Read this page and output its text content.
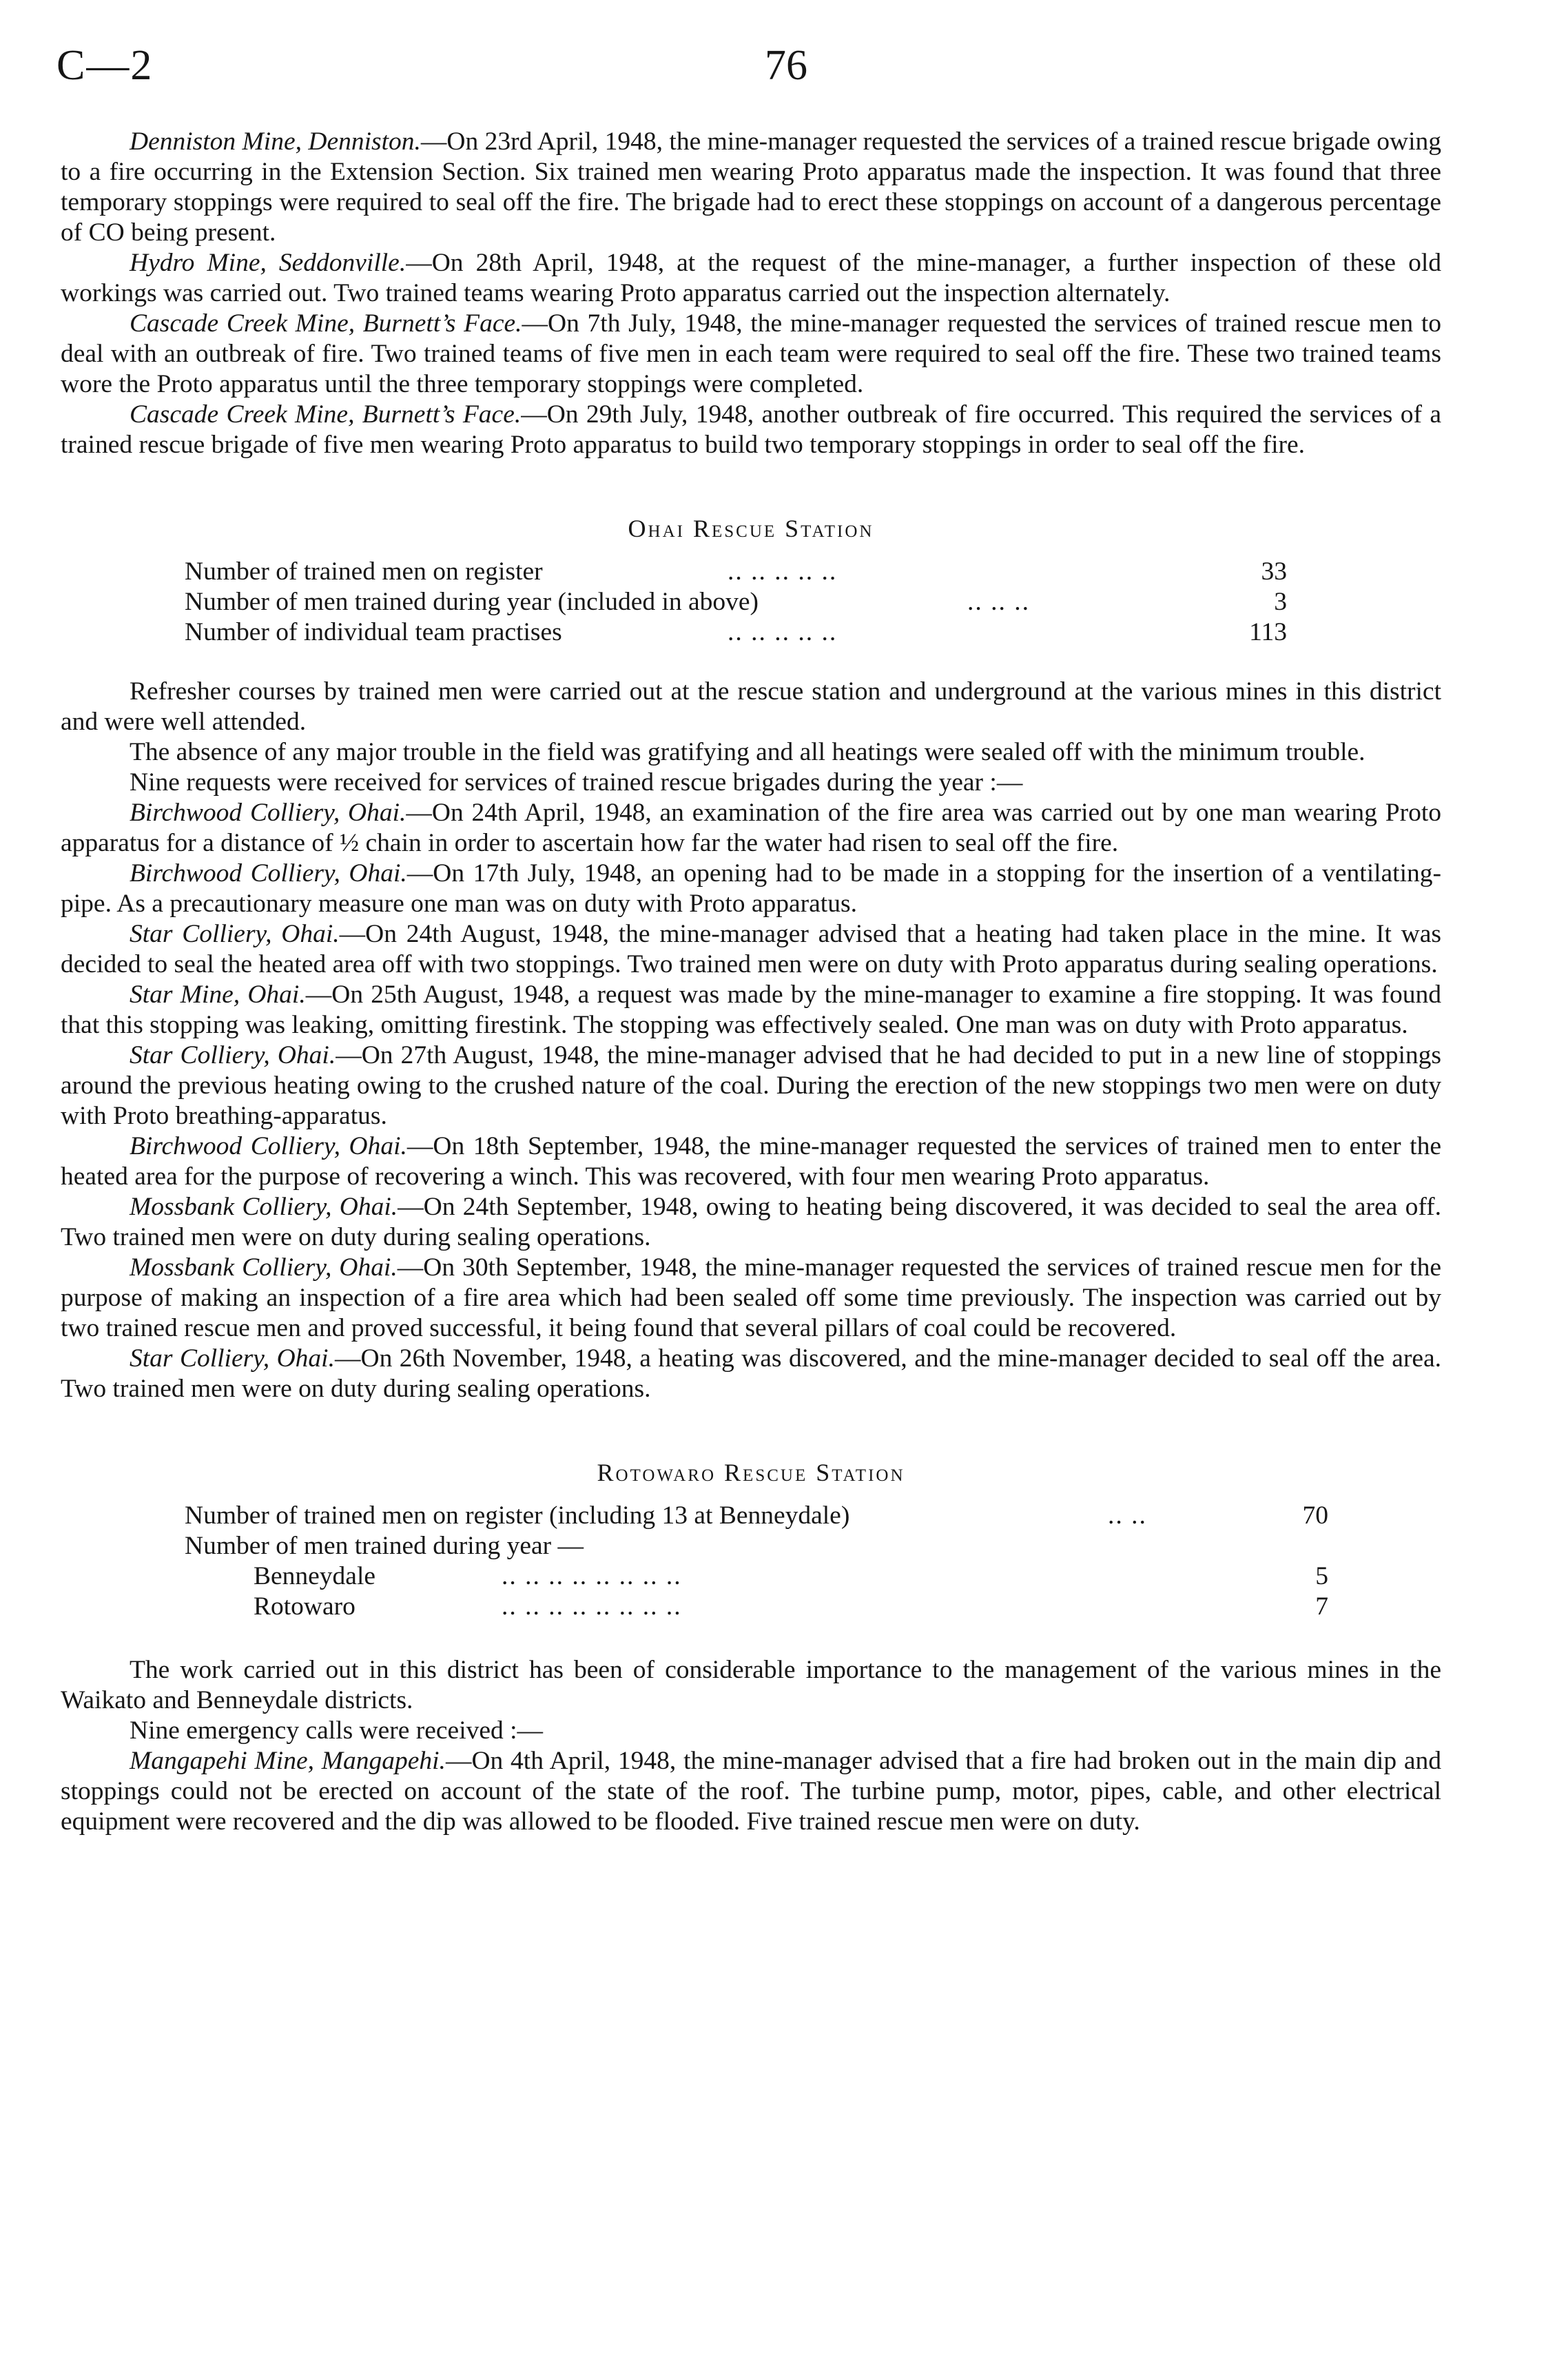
C—2	76

Denniston Mine, Denniston.—On 23rd April, 1948, the mine-manager requested the services of a trained rescue brigade owing to a fire occurring in the Extension Section. Six trained men wearing Proto apparatus made the inspection. It was found that three temporary stoppings were required to seal off the fire. The brigade had to erect these stoppings on account of a dangerous percentage of CO being present.

Hydro Mine, Seddonville.—On 28th April, 1948, at the request of the mine-manager, a further inspection of these old workings was carried out. Two trained teams wearing Proto apparatus carried out the inspection alternately.

Cascade Creek Mine, Burnett’s Face.—On 7th July, 1948, the mine-manager requested the services of trained rescue men to deal with an outbreak of fire. Two trained teams of five men in each team were required to seal off the fire. These two trained teams wore the Proto apparatus until the three temporary stoppings were completed.

Cascade Creek Mine, Burnett’s Face.—On 29th July, 1948, another outbreak of fire occurred. This required the services of a trained rescue brigade of five men wearing Proto apparatus to build two temporary stoppings in order to seal off the fire.

Ohai Rescue Station

Number of trained men on register	.. .. .. .. ..	33
Number of men trained during year (included in above)	.. .. ..	3
Number of individual team practises	.. .. .. .. ..	113

Refresher courses by trained men were carried out at the rescue station and underground at the various mines in this district and were well attended.

The absence of any major trouble in the field was gratifying and all heatings were sealed off with the minimum trouble.

Nine requests were received for services of trained rescue brigades during the year :—

Birchwood Colliery, Ohai.—On 24th April, 1948, an examination of the fire area was carried out by one man wearing Proto apparatus for a distance of ½ chain in order to ascertain how far the water had risen to seal off the fire.

Birchwood Colliery, Ohai.—On 17th July, 1948, an opening had to be made in a stopping for the insertion of a ventilating-pipe. As a precautionary measure one man was on duty with Proto apparatus.

Star Colliery, Ohai.—On 24th August, 1948, the mine-manager advised that a heating had taken place in the mine. It was decided to seal the heated area off with two stoppings. Two trained men were on duty with Proto apparatus during sealing operations.

Star Mine, Ohai.—On 25th August, 1948, a request was made by the mine-manager to examine a fire stopping. It was found that this stopping was leaking, omitting firestink. The stopping was effectively sealed. One man was on duty with Proto apparatus.

Star Colliery, Ohai.—On 27th August, 1948, the mine-manager advised that he had decided to put in a new line of stoppings around the previous heating owing to the crushed nature of the coal. During the erection of the new stoppings two men were on duty with Proto breathing-apparatus.

Birchwood Colliery, Ohai.—On 18th September, 1948, the mine-manager requested the services of trained men to enter the heated area for the purpose of recovering a winch. This was recovered, with four men wearing Proto apparatus.

Mossbank Colliery, Ohai.—On 24th September, 1948, owing to heating being discovered, it was decided to seal the area off. Two trained men were on duty during sealing operations.

Mossbank Colliery, Ohai.—On 30th September, 1948, the mine-manager requested the services of trained rescue men for the purpose of making an inspection of a fire area which had been sealed off some time previously. The inspection was carried out by two trained rescue men and proved successful, it being found that several pillars of coal could be recovered.

Star Colliery, Ohai.—On 26th November, 1948, a heating was discovered, and the mine-manager decided to seal off the area. Two trained men were on duty during sealing operations.

Rotowaro Rescue Station

Number of trained men on register (including 13 at Benneydale)	.. ..	70
Number of men trained during year —
Benneydale	.. .. .. .. .. .. .. ..	5
Rotowaro	.. .. .. .. .. .. .. ..	7

The work carried out in this district has been of considerable importance to the management of the various mines in the Waikato and Benneydale districts.

Nine emergency calls were received :—

Mangapehi Mine, Mangapehi.—On 4th April, 1948, the mine-manager advised that a fire had broken out in the main dip and stoppings could not be erected on account of the state of the roof. The turbine pump, motor, pipes, cable, and other electrical equipment were recovered and the dip was allowed to be flooded. Five trained rescue men were on duty.
